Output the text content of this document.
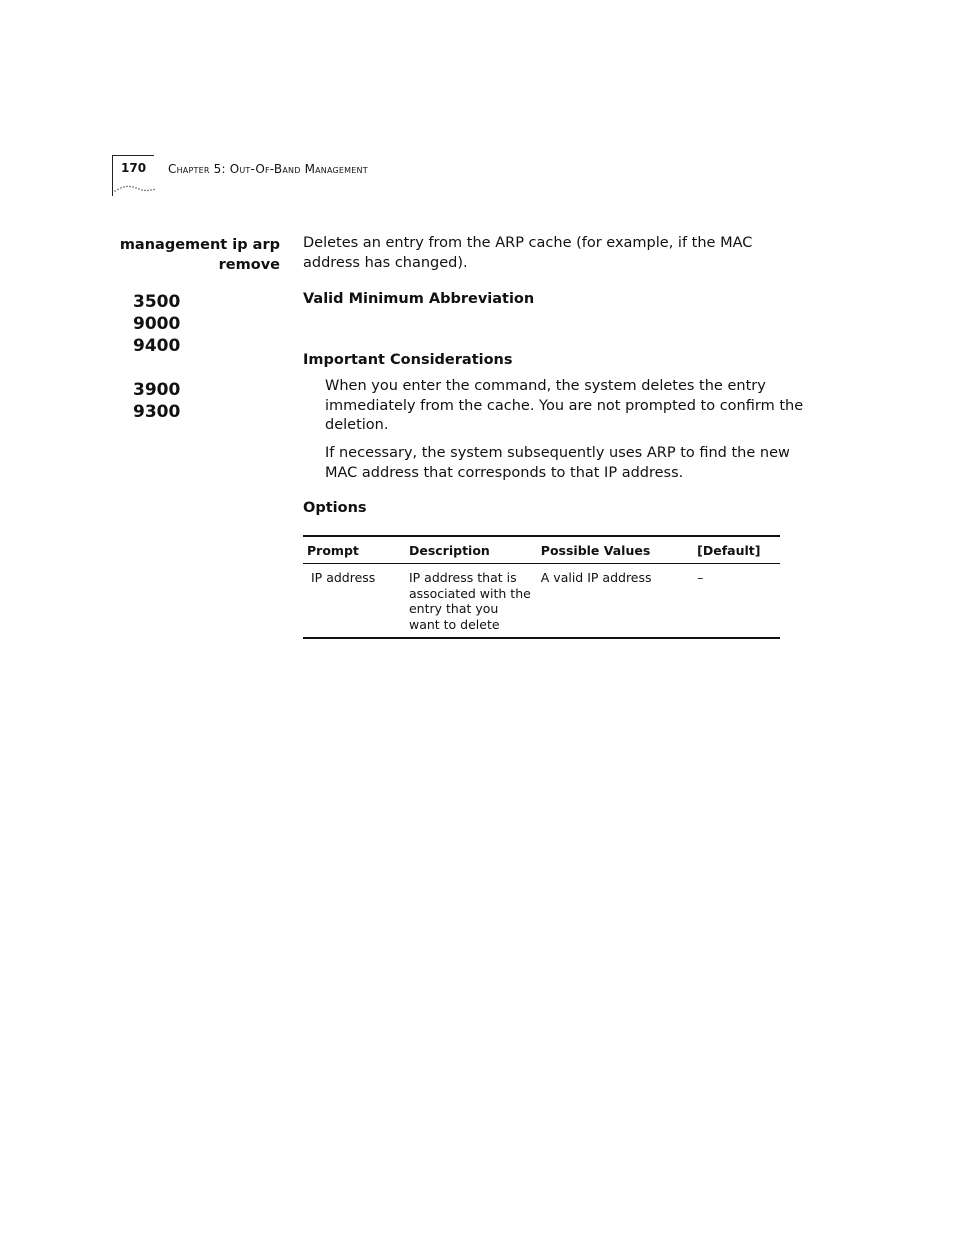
170 Chapter 5: Out-Of-Band Management
management ip arp
remove
3500
9000
9400
3900
9300
Deletes an entry from the ARP cache (for example, if the MAC address has changed).
Valid Minimum Abbreviation
Important Considerations
When you enter the command, the system deletes the entry immediately from the cache. You are not prompted to confirm the deletion.
If necessary, the system subsequently uses ARP to find the new MAC address that corresponds to that IP address.
Options
Prompt	Description	Possible Values	[Default]
IP address	IP address that is associated with the entry that you want to delete	A valid IP address	–
